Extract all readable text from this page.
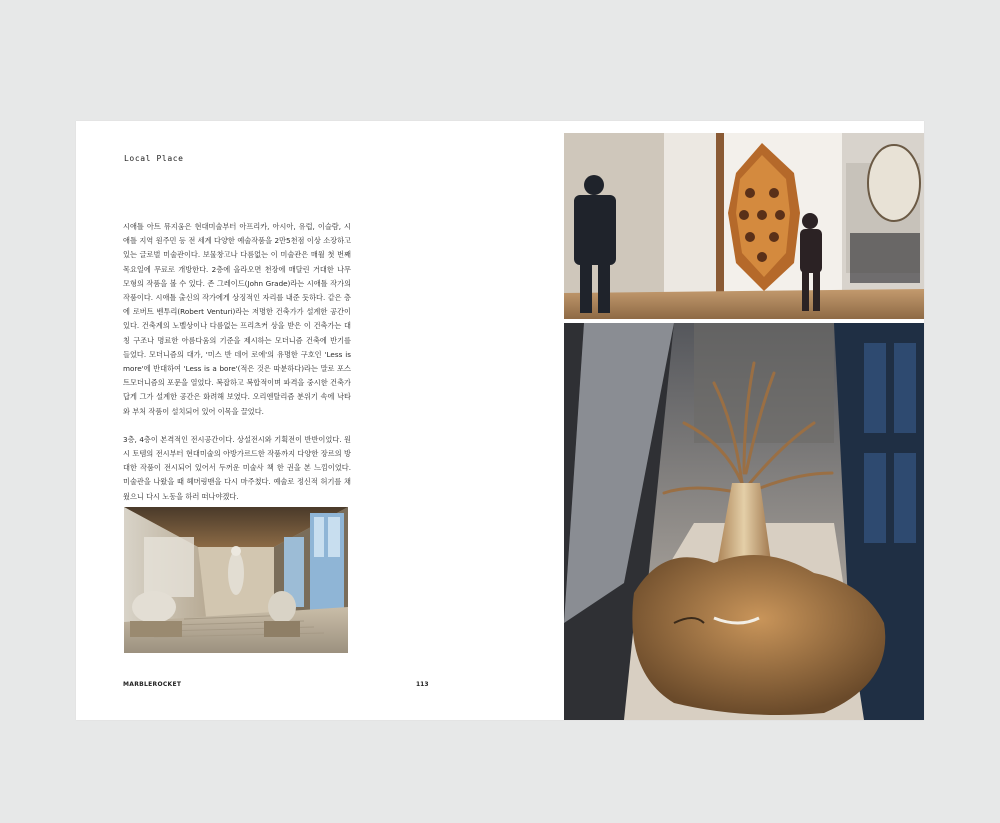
Local Place

시애틀 아트 뮤지움은 현대미술부터 아프리카, 아시아, 유럽, 이슬람, 시애틀 지역 원주민 등 전 세계 다양한 예술작품을 2만5천점 이상 소장하고 있는 글로벌 미술관이다. 보물창고나 다름없는 이 미술관은 매월 첫 번째 목요일에 무료로 개방한다. 2층에 올라오면 천장에 매달린 거대한 나무 모형의 작품을 볼 수 있다. 존 그레이드(John Grade)라는 시애틀 작가의 작품이다. 시애틀 출신의 작가에게 상징적인 자리를 내준 듯하다. 같은 층에 로버트 벤투리(Robert Venturi)라는 저명한 건축가가 설계한 공간이 있다. 건축계의 노벨상이나 다름없는 프리츠커 상을 받은 이 건축가는 대칭 구조나 명료한 아름다움의 기준을 제시하는 모더니즘 건축에 반기를 들었다. 모더니즘의 대가, '미스 반 데어 로에'의 유명한 구호인 'Less is more'에 반대하여 'Less is a bore'(적은 것은 따분하다)라는 말로 포스트모더니즘의 포문을 열었다. 복잡하고 복합적이며 파격을 중시한 건축가답게 그가 설계한 공간은 화려해 보였다. 오리엔탈리즘 분위기 속에 낙타와 부처 작품이 설치되어 있어 이목을 끌었다.

3층, 4층이 본격적인 전시공간이다. 상설전시와 기획전이 반반이었다. 원시 토템의 전시부터 현대미술의 아방가르드한 작품까지 다양한 장르의 방대한 작품이 전시되어 있어서 두꺼운 미술사 책 한 권을 본 느낌이었다. 미술관을 나왔을 때 헤머링맨을 다시 마주쳤다. 예술로 정신적 허기를 채웠으니 다시 노동을 하러 떠나야겠다.

MARBLEROCKET	113
